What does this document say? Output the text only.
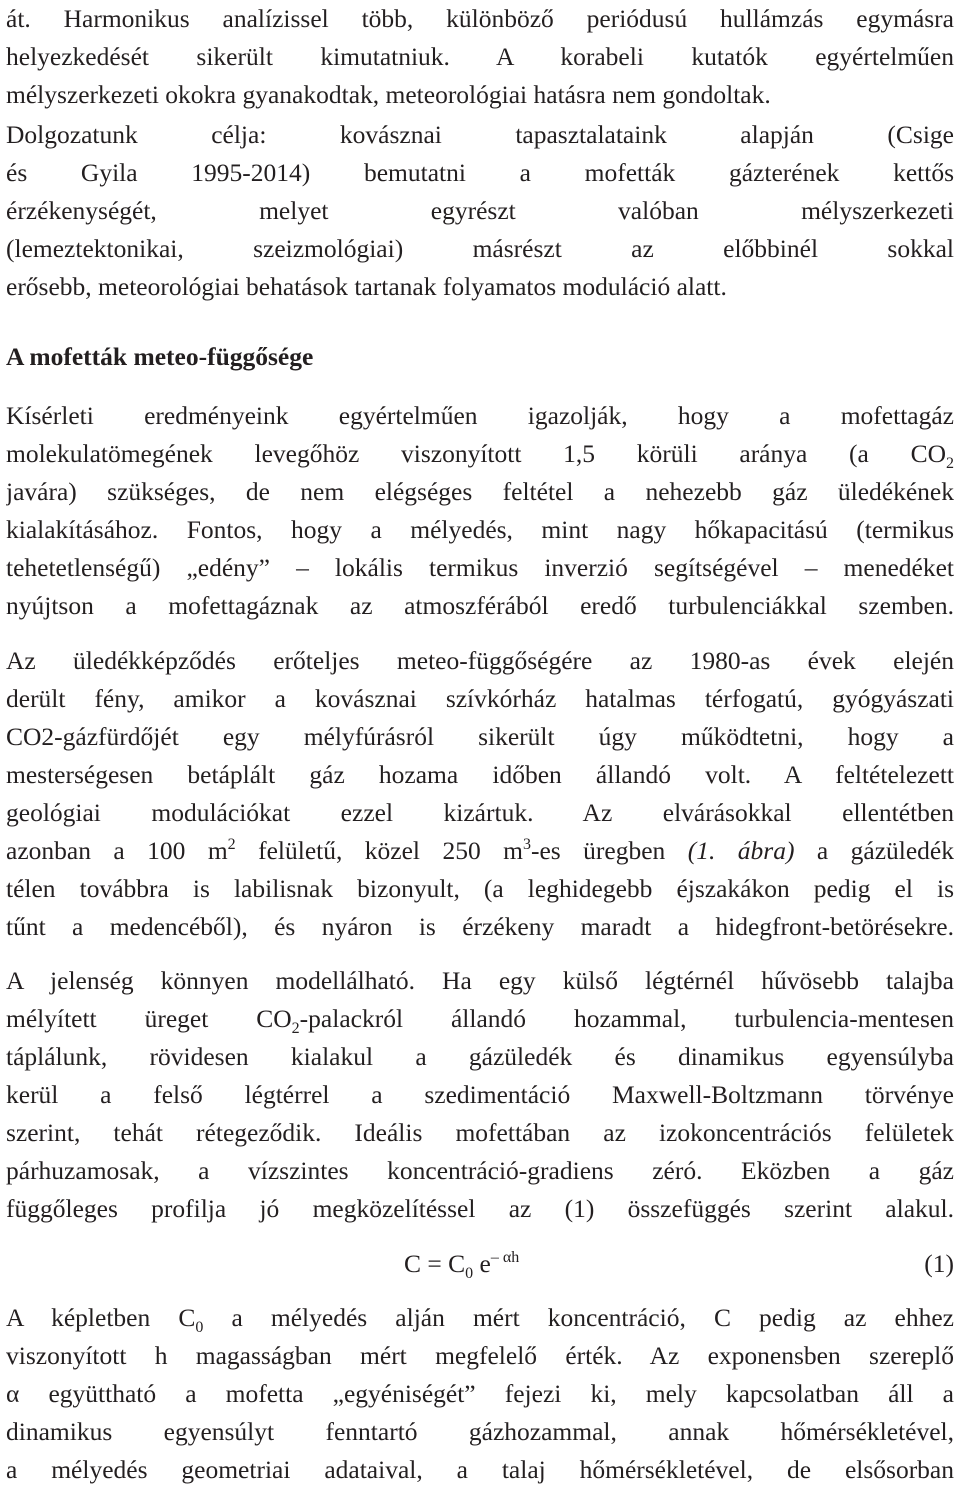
át. Harmonikus analízissel több, különböző periódusú hullámzás egymásra
helyezkedését sikerült kimutatniuk. A korabeli kutatók egyértelműen
mélyszerkezeti okokra gyanakodtak, meteorológiai hatásra nem gondoltak.
Dolgozatunk célja: kovásznai tapasztalataink alapján (Csige
és Gyila 1995-2014) bemutatni a mofetták gázterének kettős
érzékenységét, melyet egyrészt valóban mélyszerkezeti
(lemeztektonikai, szeizmológiai) másrészt az előbbinél sokkal
erősebb, meteorológiai behatások tartanak folyamatos moduláció alatt.
A mofetták meteo-függősége
Kísérleti eredményeink egyértelműen igazolják, hogy a mofettagáz
molekulatömegének levegőhöz viszonyított 1,5 körüli aránya (a $CO_2$
javára) szükséges, de nem elégséges feltétel a nehezebb gáz üledékének
kialakításához. Fontos, hogy a mélyedés, mint nagy hőkapacitású (termikus
tehetetlenségű) „edény” – lokális termikus inverzió segítségével – menedéket
nyújtson a mofettagáznak az atmoszférából eredő turbulenciákkal szemben.
Az üledékképződés erőteljes meteo-függőségére az 1980-as évek elején
derült fény, amikor a kovásznai szívkórház hatalmas térfogatú, gyógyászati
CO2-gázfürdőjét egy mélyfúrásról sikerült úgy működtetni, hogy a
mesterségesen betáplált gáz hozama időben állandó volt. A feltételezett
geológiai modulációkat ezzel kizártuk. Az elvárásokkal ellentétben
azonban a 100 $m^2$ felületű, közel 250 $m^3-es$ üregben (1. ábra) a gázüledék
télen továbbra is labilisnak bizonyult, (a leghidegebb éjszakákon pedig el is
tűnt a medencéből), és nyáron is érzékeny maradt a hidegfront-betörésekre.
A jelenség könnyen modellálható. Ha egy külső légtérnél hűvösebb talajba
mélyített üreget $CO_2$-palackról állandó hozammal, turbulencia-mentesen
táplálunk, rövidesen kialakul a gázüledék és dinamikus egyensúlyba
kerül a felső légtérrel a szedimentáció Maxwell-Boltzmann törvénye
szerint, tehát rétegeződik. Ideális mofettában az izokoncentrációs felületek
párhuzamosak, a vízszintes koncentráció-gradiens zéró. Eközben a gáz
függőleges profilja jó megközelítéssel az (1) összefüggés szerint alakul.
$C = C_0$ $e^{- \alpha h}$	(1)
A képletben $C_0$ a mélyedés alján mért koncentráció, C pedig az ehhez
viszonyított h magasságban mért megfelelő érték. Az exponensben szereplő
α együttható a mofetta „egyéniségét” fejezi ki, mely kapcsolatban áll a
dinamikus egyensúlyt fenntartó gázhozammal, annak hőmérsékletével,
a mélyedés geometriai adataival, a talaj hőmérsékletével, de elsősorban
